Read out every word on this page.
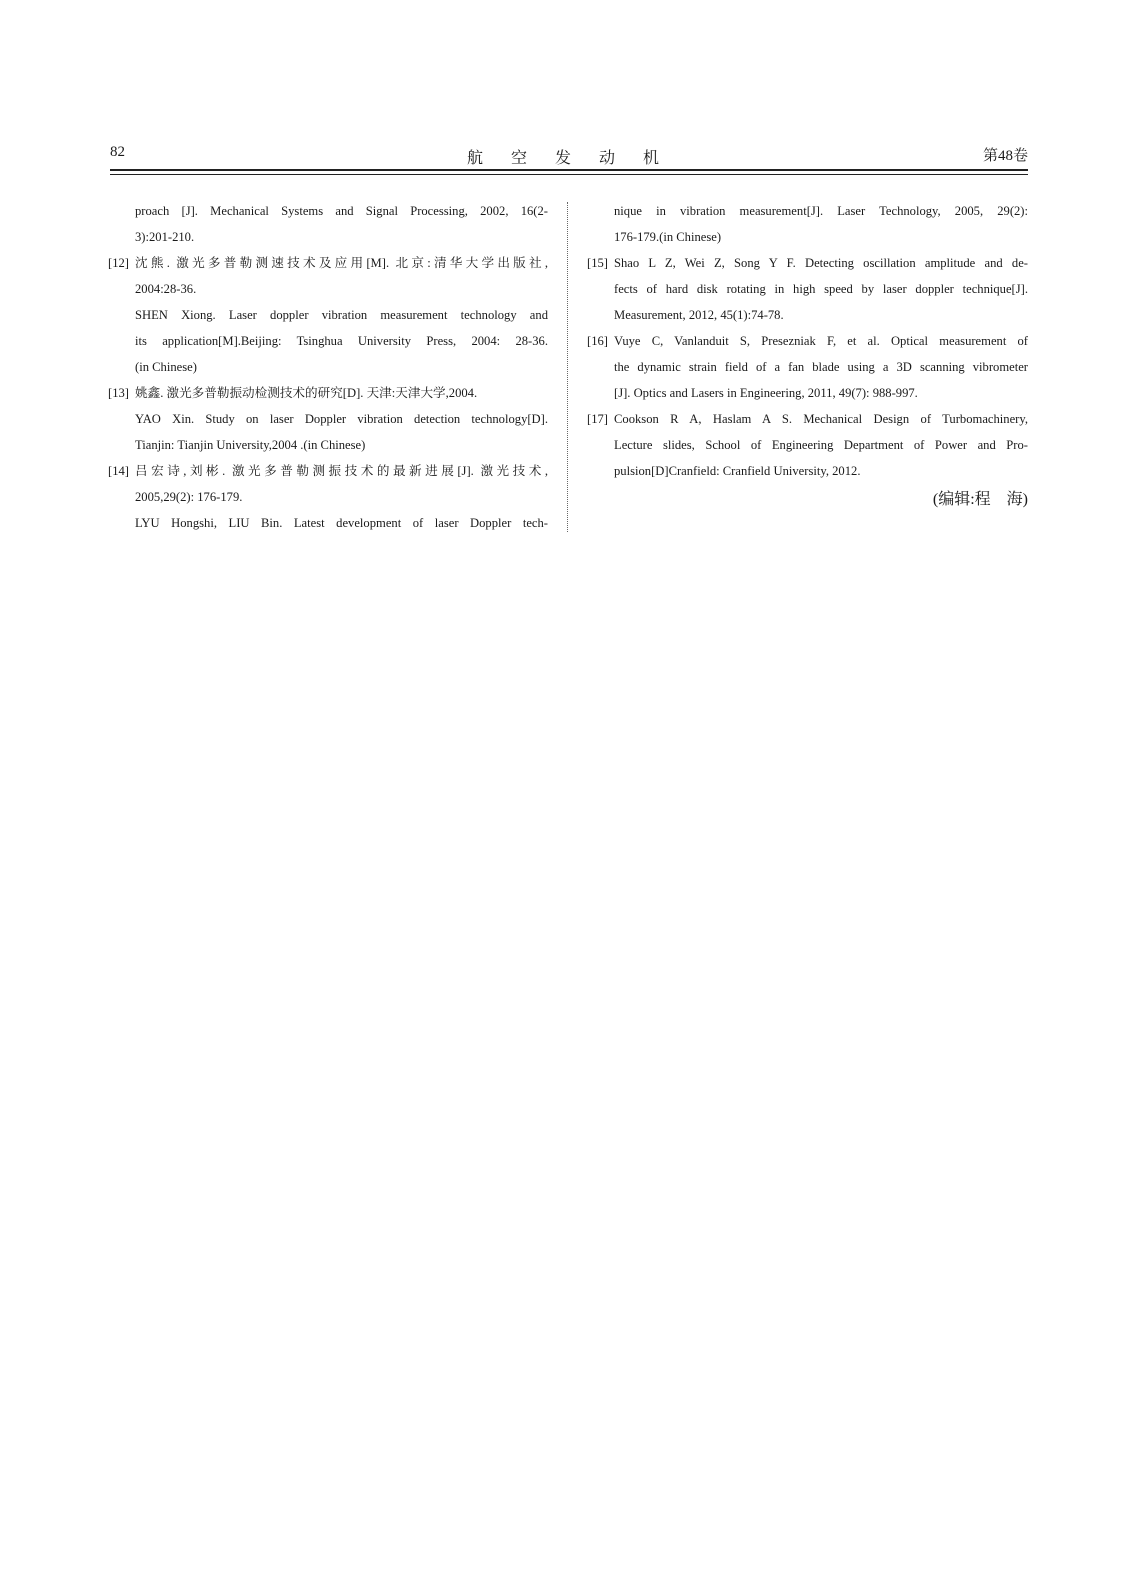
82	航 空 发 动 机	第48卷
proach [J]. Mechanical Systems and Signal Processing, 2002, 16(2-
3):201-210.
[12] 沈熊. 激光多普勒测速技术及应用[M]. 北京:清华大学出版社,
2004:28-36.
SHEN Xiong. Laser doppler vibration measurement technology and
its application[M].Beijing: Tsinghua University Press, 2004: 28-36.
(in Chinese)
[13] 姚鑫. 激光多普勒振动检测技术的研究[D]. 天津:天津大学,2004.
YAO Xin. Study on laser Doppler vibration detection technology[D].
Tianjin: Tianjin University,2004 .(in Chinese)
[14] 吕宏诗,刘彬. 激光多普勒测振技术的最新进展[J]. 激光技术,
2005,29(2): 176-179.
LYU Hongshi, LIU Bin. Latest development of laser Doppler tech-
nique in vibration measurement[J]. Laser Technology, 2005, 29(2):
176-179.(in Chinese)
[15] Shao L Z, Wei Z, Song Y F. Detecting oscillation amplitude and de-
fects of hard disk rotating in high speed by laser doppler technique[J].
Measurement, 2012, 45(1):74-78.
[16] Vuye C, Vanlanduit S, Presezniak F, et al. Optical measurement of
the dynamic strain field of a fan blade using a 3D scanning vibrometer
[J]. Optics and Lasers in Engineering, 2011, 49(7): 988-997.
[17] Cookson R A, Haslam A S. Mechanical Design of Turbomachinery,
Lecture slides, School of Engineering Department of Power and Pro-
pulsion[D]Cranfield: Cranfield University, 2012.
(编辑:程　海)
